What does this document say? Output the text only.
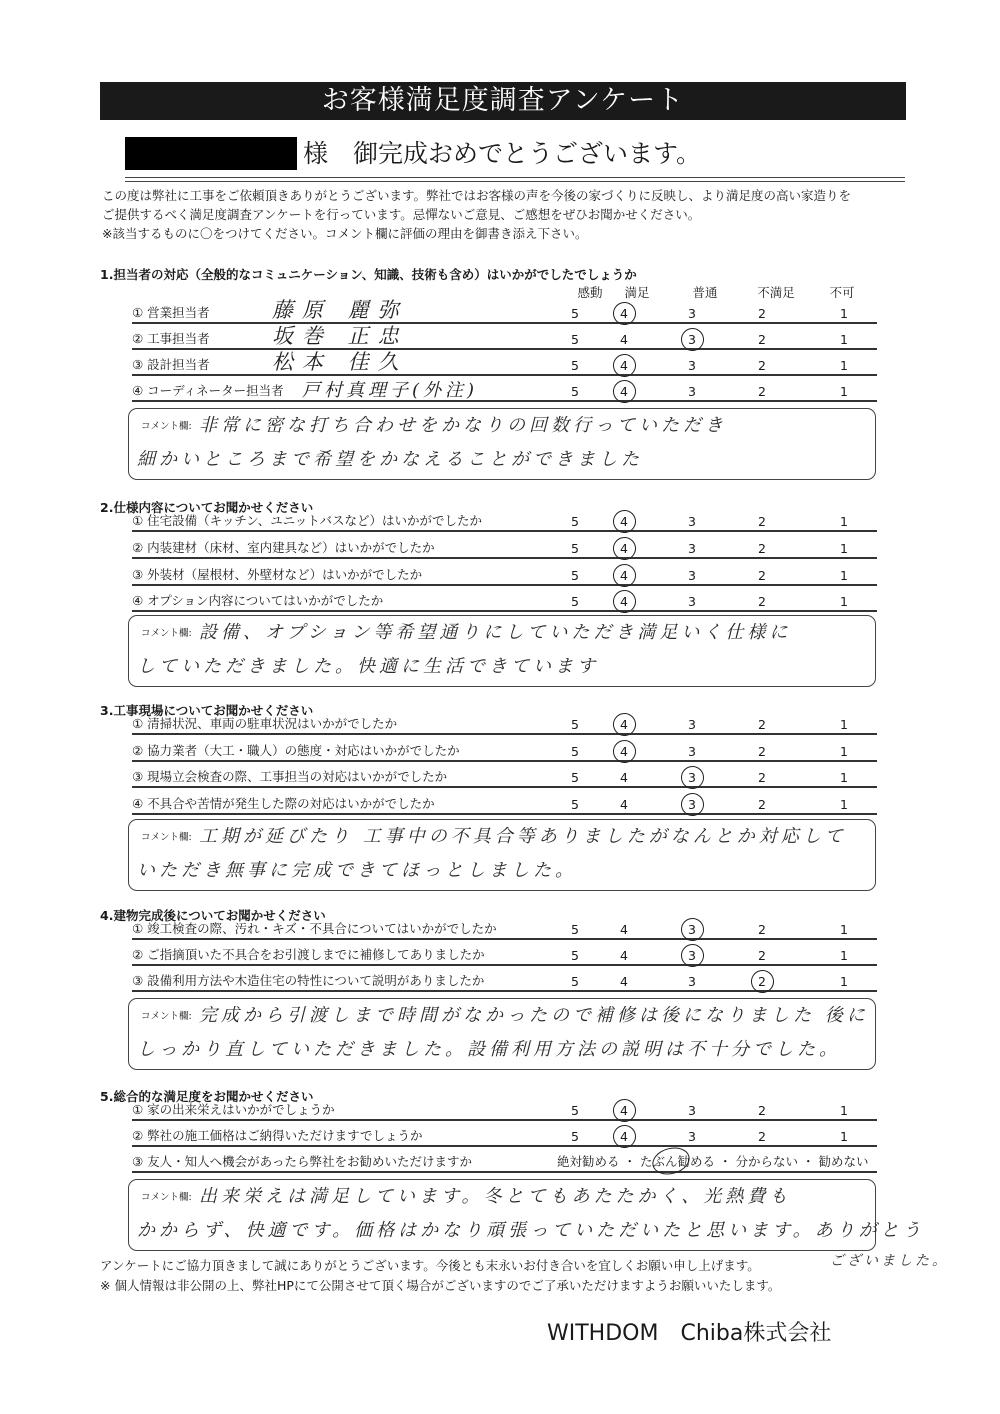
お客様満足度調査アンケート
様　御完成おめでとうございます。

この度は弊社に工事をご依頼頂きありがとうございます。弊社ではお客様の声を今後の家づくりに反映し、より満足度の高い家造りを

ご提供するべく満足度調査アンケートを行っています。忌憚ないご意見、ご感想をぜひお聞かせください。

※該当するものに〇をつけてください。コメント欄に評価の理由を御書き添え下さい。

1.担当者の対応（全般的なコミュニケーション、知識、技術も含め）はいかがでしたでしょうか
感動	満足	普通	不満足	不可
① 営業担当者	藤原 麗弥	5	4	3	2	1
② 工事担当者	坂巻 正忠	5	4	3	2	1
③ 設計担当者	松本 佳久	5	4	3	2	1
④ コーディネーター担当者 戸村真理子(外注)	5	4	3	2	1
コメント欄: 非常に密な打ち合わせをかなりの回数行っていただき
細かいところまで希望をかなえることができました
2.仕様内容についてお聞かせください
① 住宅設備（キッチン、ユニットバスなど）はいかがでしたか	5	4	3	2	1
② 内装建材（床材、室内建具など）はいかがでしたか	5	4	3	2	1
③ 外装材（屋根材、外壁材など）はいかがでしたか	5	4	3	2	1
④ オプション内容についてはいかがでしたか	5	4	3	2	1
コメント欄: 設備、オプション等希望通りにしていただき満足いく仕様に
していただきました。快適に生活できています
3.工事現場についてお聞かせください
① 清掃状況、車両の駐車状況はいかがでしたか	5	4	3	2	1
② 協力業者（大工・職人）の態度・対応はいかがでしたか	5	4	3	2	1
③ 現場立会検査の際、工事担当の対応はいかがでしたか	5	4	3	2	1
④ 不具合や苦情が発生した際の対応はいかがでしたか	5	4	3	2	1
コメント欄: 工期が延びたり 工事中の不具合等ありましたがなんとか対応して
いただき無事に完成できてほっとしました。
4.建物完成後についてお聞かせください
① 竣工検査の際、汚れ・キズ・不具合についてはいかがでしたか	5	4	3	2	1
② ご指摘頂いた不具合をお引渡しまでに補修してありましたか	5	4	3	2	1
③ 設備利用方法や木造住宅の特性について説明がありましたか	5	4	3	2	1
コメント欄: 完成から引渡しまで時間がなかったので補修は後になりました 後に
しっかり直していただきました。設備利用方法の説明は不十分でした。
5.総合的な満足度をお聞かせください
① 家の出来栄えはいかがでしょうか	5	4	3	2	1
② 弊社の施工価格はご納得いただけますでしょうか	5	4	3	2	1
③ 友人・知人へ機会があったら弊社をお勧めいただけますか	絶対勧める ・ たぶん勧める ・ 分からない ・ 勧めない
コメント欄: 出来栄えは満足しています。冬とてもあたたかく、光熱費も
かからず、快適です。価格はかなり頑張っていただいたと思います。ありがとう
ございました。

アンケートにご協力頂きまして誠にありがとうございます。今後とも末永いお付き合いを宜しくお願い申し上げます。

※ 個人情報は非公開の上、弊社HPにて公開させて頂く場合がございますのでご了承いただけますようお願いいたします。

WITHDOM　Chiba株式会社
